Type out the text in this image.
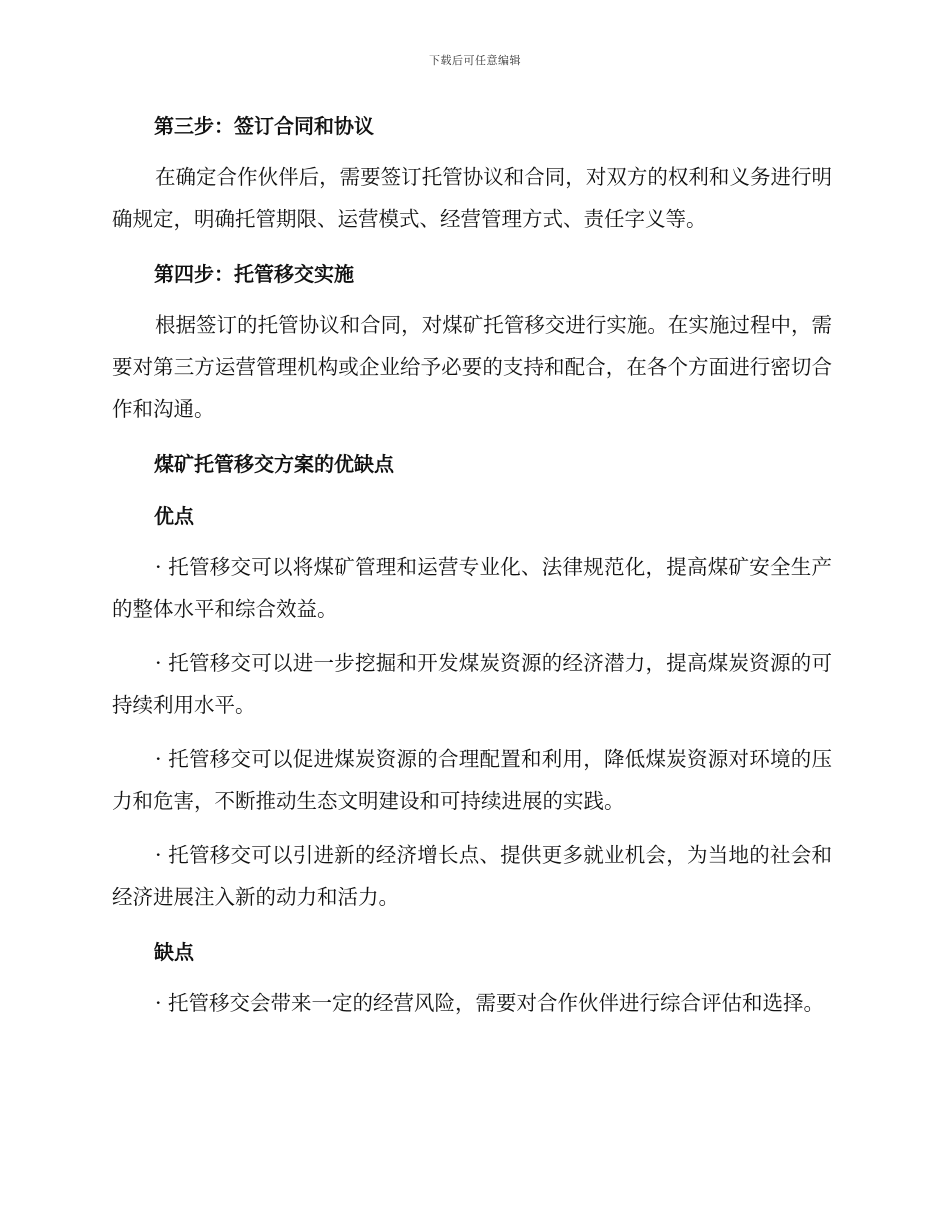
下载后可任意编辑
第三步：签订合同和协议

在确定合作伙伴后，需要签订托管协议和合同，对双方的权利和义务进行明确规定，明确托管期限、运营模式、经营管理方式、责任字义等。

第四步：托管移交实施

根据签订的托管协议和合同，对煤矿托管移交进行实施。在实施过程中，需要对第三方运营管理机构或企业给予必要的支持和配合，在各个方面进行密切合作和沟通。

煤矿托管移交方案的优缺点
优点

· 托管移交可以将煤矿管理和运营专业化、法律规范化，提高煤矿安全生产的整体水平和综合效益。

· 托管移交可以进一步挖掘和开发煤炭资源的经济潜力，提高煤炭资源的可持续利用水平。

· 托管移交可以促进煤炭资源的合理配置和利用，降低煤炭资源对环境的压力和危害，不断推动生态文明建设和可持续进展的实践。

· 托管移交可以引进新的经济增长点、提供更多就业机会，为当地的社会和经济进展注入新的动力和活力。

缺点

· 托管移交会带来一定的经营风险，需要对合作伙伴进行综合评估和选择。
